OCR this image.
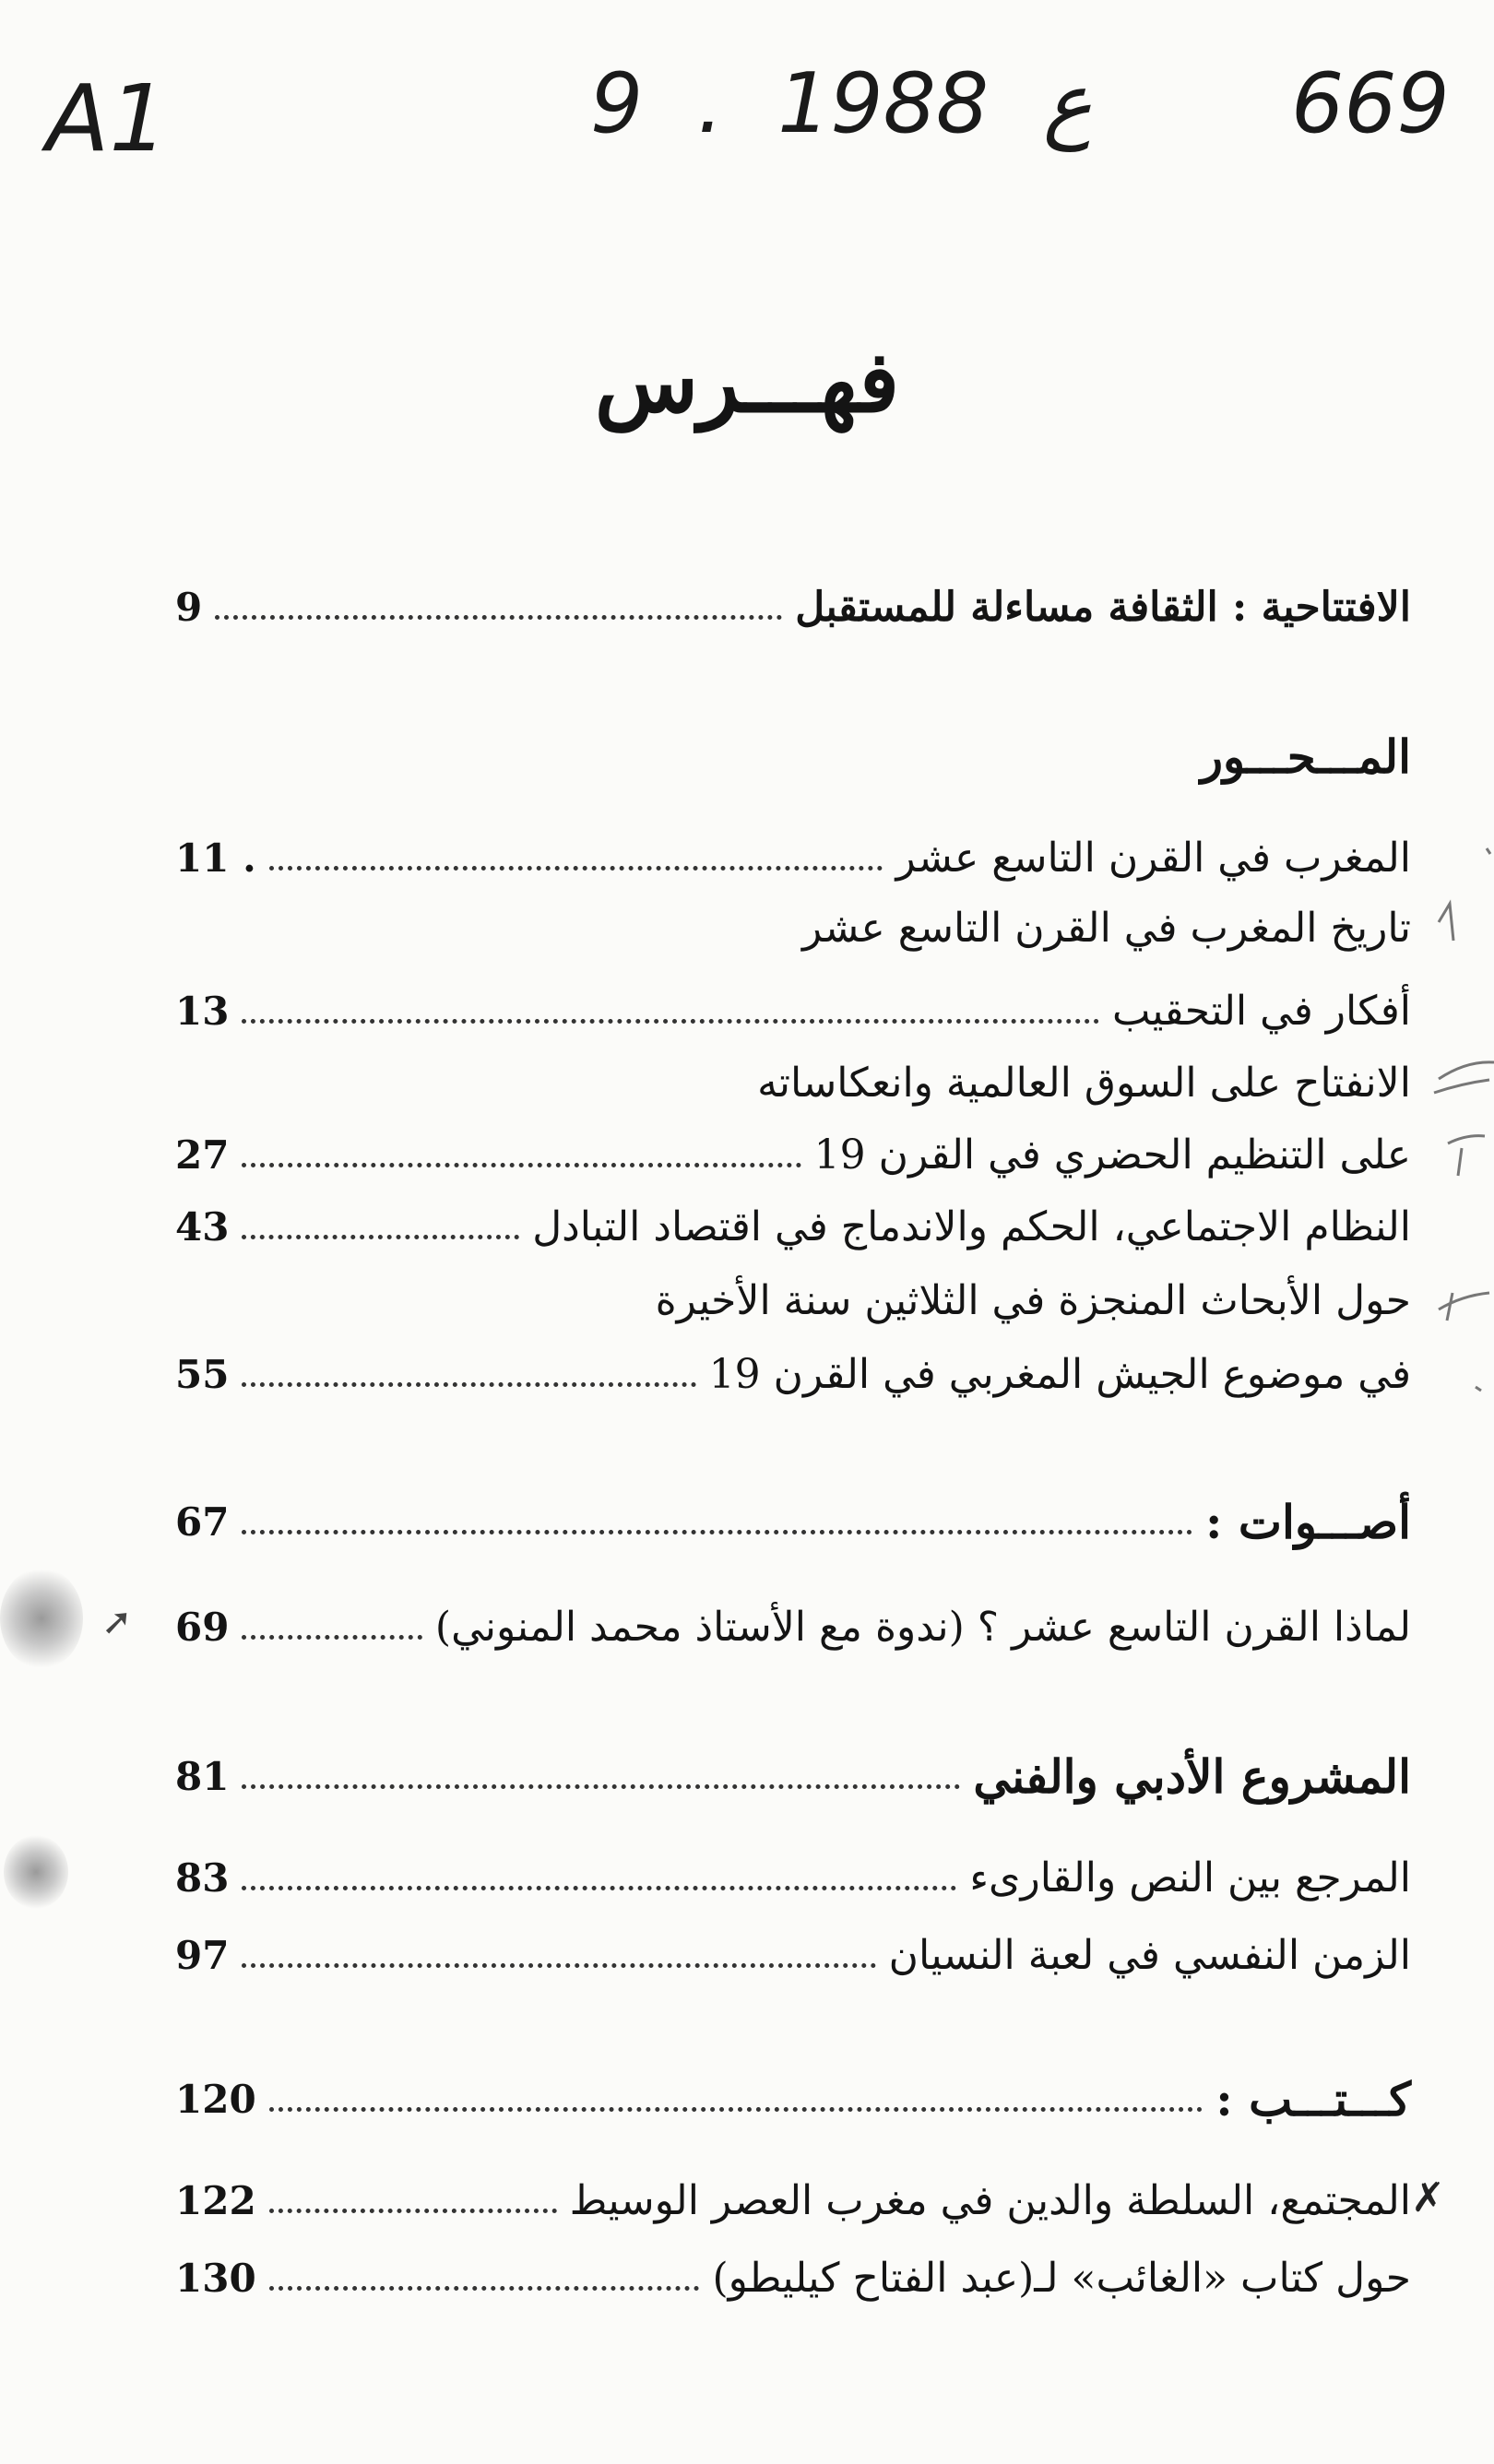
A1	9 . ع 1988 669
فهـــرس
الافتتاحية : الثقافة مساءلة للمستقبل
9
المـــحـــور
المغرب في القرن التاسع عشر
11 .
تاريخ المغرب في القرن التاسع عشر
أفكار في التحقيب
13
الانفتاح على السوق العالمية وانعكاساته
على التنظيم الحضري في القرن 19
27
النظام الاجتماعي، الحكم والاندماج في اقتصاد التبادل
43
حول الأبحاث المنجزة في الثلاثين سنة الأخيرة
في موضوع الجيش المغربي في القرن 19
55
أصـــوات :
67
لماذا القرن التاسع عشر ؟ (ندوة مع الأستاذ محمد المنوني)
69
المشروع الأدبي والفني
81
المرجع بين النص والقارىء
83
الزمن النفسي في لعبة النسيان
97
كـــتـــب :
120
المجتمع، السلطة والدين في مغرب العصر الوسيط
122
حول كتاب «الغائب» لـ(عبد الفتاح كيليطو)
130
➚
✗
